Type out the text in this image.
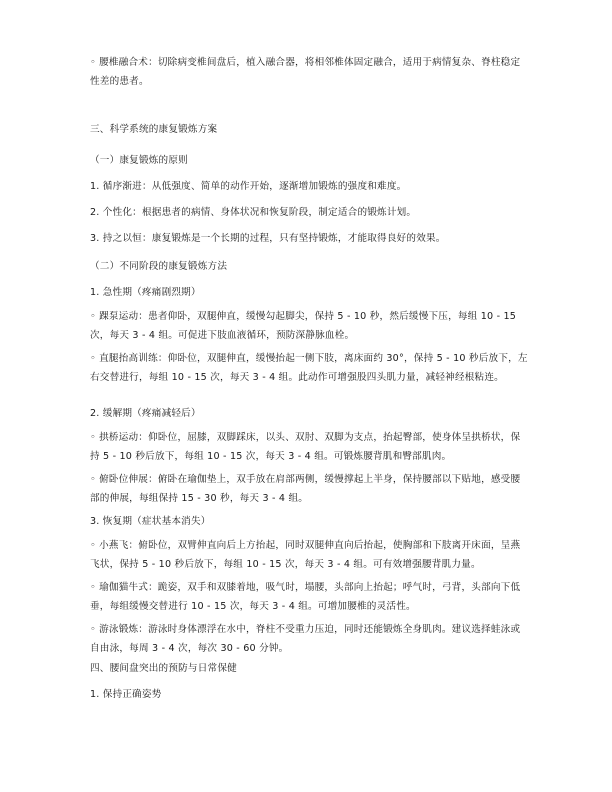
◦ 腰椎融合术：切除病变椎间盘后，植入融合器，将相邻椎体固定融合，适用于病情复杂、脊柱稳定性差的患者。
三、科学系统的康复锻炼方案
（一）康复锻炼的原则
1. 循序渐进：从低强度、简单的动作开始，逐渐增加锻炼的强度和难度。
2. 个性化：根据患者的病情、身体状况和恢复阶段，制定适合的锻炼计划。
3. 持之以恒：康复锻炼是一个长期的过程，只有坚持锻炼，才能取得良好的效果。
（二）不同阶段的康复锻炼方法
1. 急性期（疼痛剧烈期）
◦ 踝泵运动：患者仰卧，双腿伸直，缓慢勾起脚尖，保持 5 - 10 秒，然后缓慢下压，每组 10 - 15 次，每天 3 - 4 组。可促进下肢血液循环，预防深静脉血栓。
◦ 直腿抬高训练：仰卧位，双腿伸直，缓慢抬起一侧下肢，离床面约 30°，保持 5 - 10 秒后放下，左右交替进行，每组 10 - 15 次，每天 3 - 4 组。此动作可增强股四头肌力量，减轻神经根粘连。
2. 缓解期（疼痛减轻后）
◦ 拱桥运动：仰卧位，屈膝，双脚踩床，以头、双肘、双脚为支点，抬起臀部，使身体呈拱桥状，保持 5 - 10 秒后放下，每组 10 - 15 次，每天 3 - 4 组。可锻炼腰背肌和臀部肌肉。
◦ 俯卧位伸展：俯卧在瑜伽垫上，双手放在肩部两侧，缓慢撑起上半身，保持腰部以下贴地，感受腰部的伸展，每组保持 15 - 30 秒，每天 3 - 4 组。
3. 恢复期（症状基本消失）
◦ 小燕飞：俯卧位，双臂伸直向后上方抬起，同时双腿伸直向后抬起，使胸部和下肢离开床面，呈燕飞状，保持 5 - 10 秒后放下，每组 10 - 15 次，每天 3 - 4 组。可有效增强腰背肌力量。
◦ 瑜伽猫牛式：跪姿，双手和双膝着地，吸气时，塌腰，头部向上抬起；呼气时，弓背，头部向下低垂，每组缓慢交替进行 10 - 15 次，每天 3 - 4 组。可增加腰椎的灵活性。
◦ 游泳锻炼：游泳时身体漂浮在水中，脊柱不受重力压迫，同时还能锻炼全身肌肉。建议选择蛙泳或自由泳，每周 3 - 4 次，每次 30 - 60 分钟。
四、腰间盘突出的预防与日常保健
1. 保持正确姿势
